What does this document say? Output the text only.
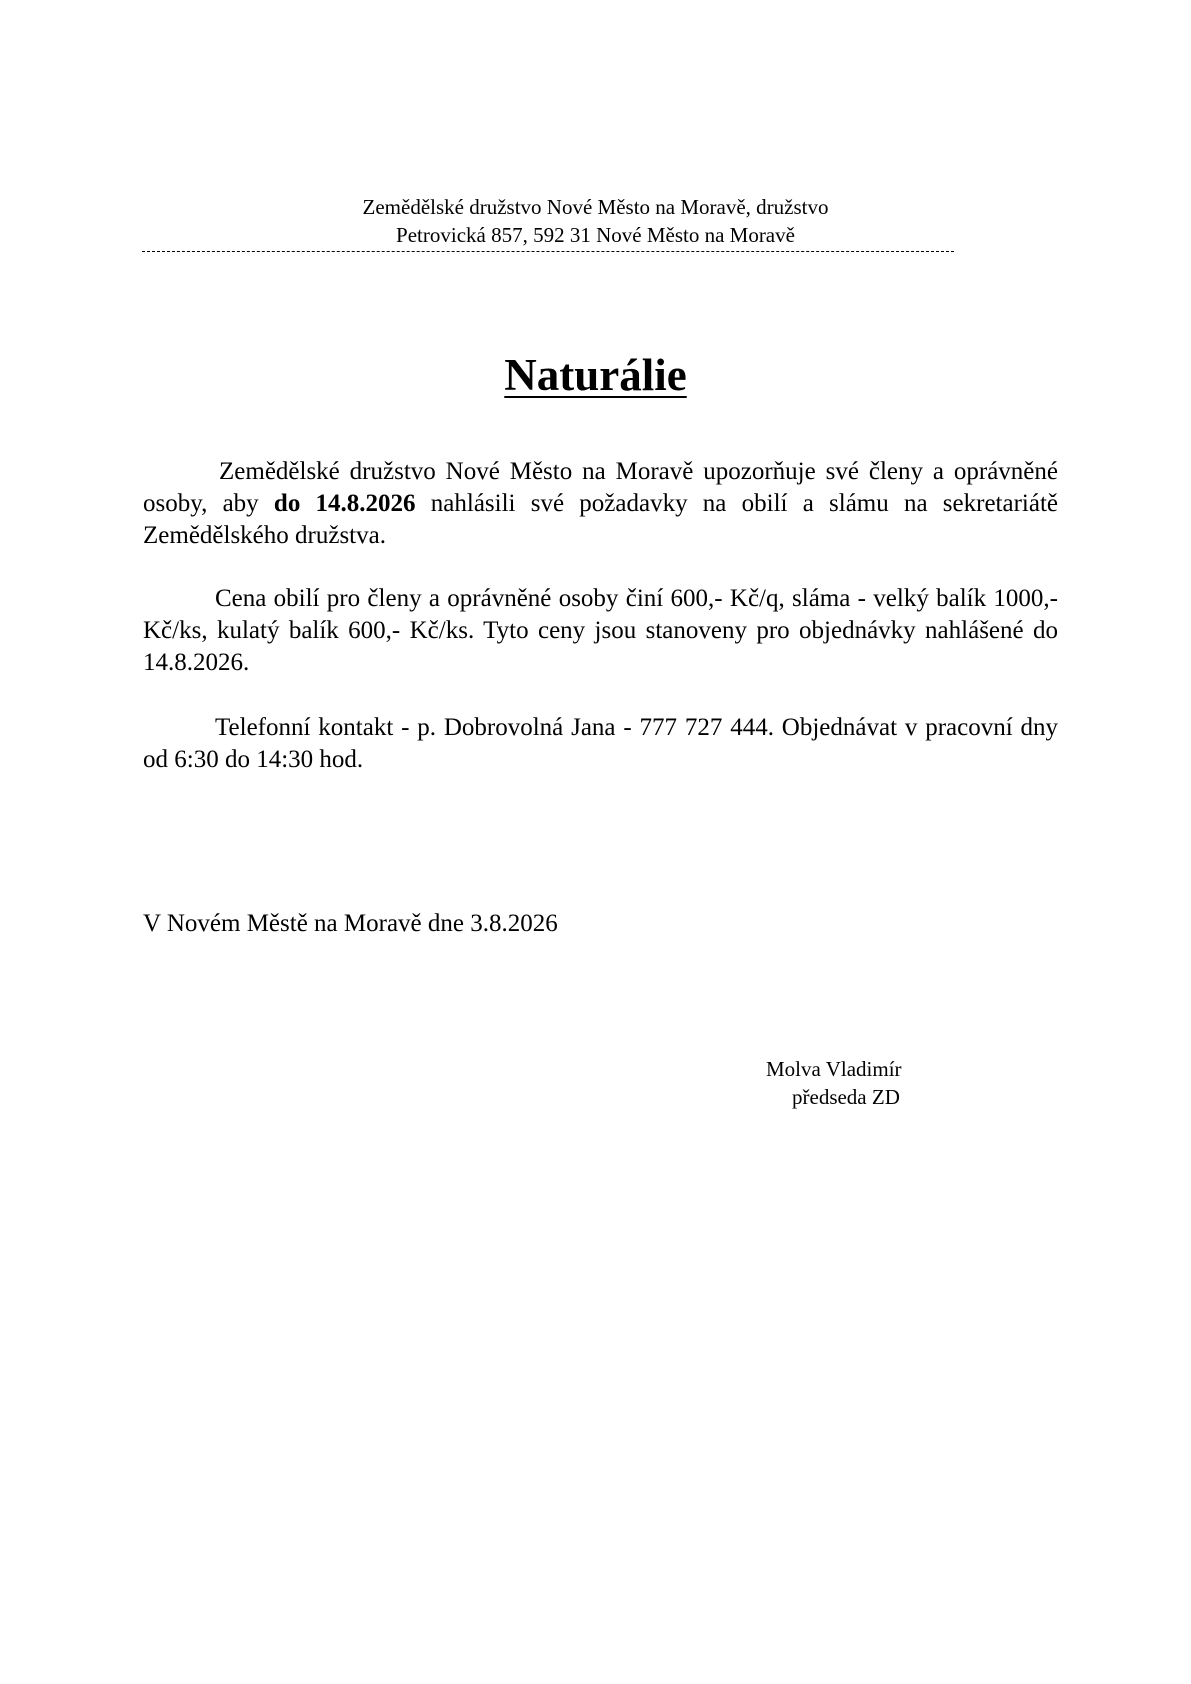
Zemědělské družstvo Nové Město na Moravě, družstvo
Petrovická 857, 592 31 Nové Město na Moravě
Naturálie
Zemědělské družstvo Nové Město na Moravě upozorňuje své členy a oprávněné osoby, aby do 14.8.2026 nahlásili své požadavky na obilí a slámu na sekretariátě Zemědělského družstva.
Cena obilí pro členy a oprávněné osoby činí 600,- Kč/q, sláma - velký balík 1000,- Kč/ks, kulatý balík 600,- Kč/ks. Tyto ceny jsou stanoveny pro objednávky nahlášené do 14.8.2026.
Telefonní kontakt - p. Dobrovolná Jana - 777 727 444. Objednávat v pracovní dny od 6:30 do 14:30 hod.
V Novém Městě na Moravě dne 3.8.2026
Molva Vladimír
předseda ZD
